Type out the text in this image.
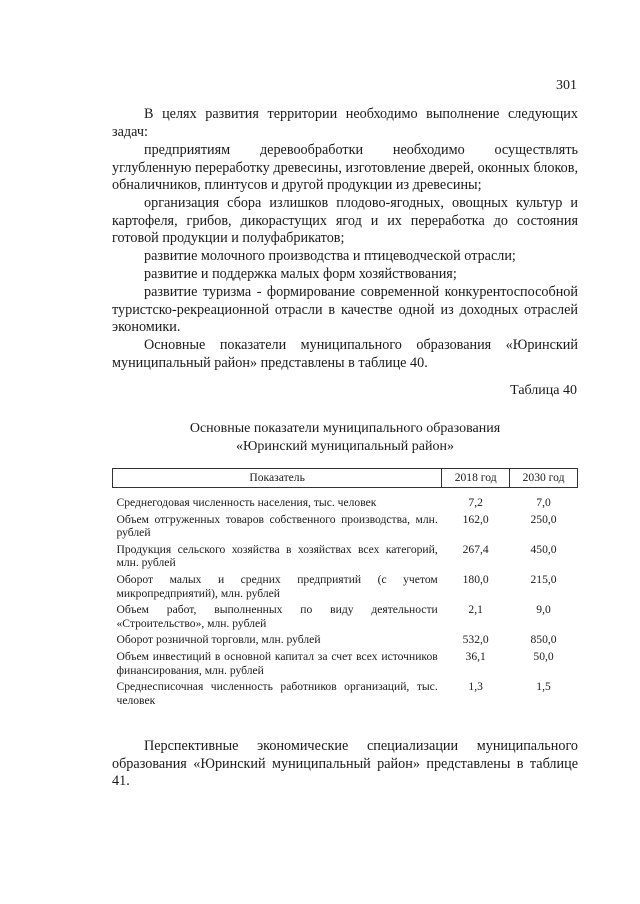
301
В целях развития территории необходимо выполнение следующих задач:
предприятиям деревообработки необходимо осуществлять углубленную переработку древесины, изготовление дверей, оконных блоков, обналичников, плинтусов и другой продукции из древесины;
организация сбора излишков плодово-ягодных, овощных культур и картофеля, грибов, дикорастущих ягод и их переработка до состояния готовой продукции и полуфабрикатов;
развитие молочного производства и птицеводческой отрасли;
развитие и поддержка малых форм хозяйствования;
развитие туризма - формирование современной конкурентоспособной туристско-рекреационной отрасли в качестве одной из доходных отраслей экономики.
Основные показатели муниципального образования «Юринский муниципальный район» представлены в таблице 40.
Таблица 40
Основные показатели муниципального образования
«Юринский муниципальный район»
Показатель	2018 год	2030 год

Среднегодовая численность населения, тыс. человек	7,2	7,0
Объем отгруженных товаров собственного производства, млн. рублей	162,0	250,0
Продукция сельского хозяйства в хозяйствах всех категорий, млн. рублей	267,4	450,0
Оборот малых и средних предприятий (с учетом микропредприятий), млн. рублей	180,0	215,0
Объем работ, выполненных по виду деятельности «Строительство», млн. рублей	2,1	9,0
Оборот розничной торговли, млн. рублей	532,0	850,0
Объем инвестиций в основной капитал за счет всех источников финансирования, млн. рублей	36,1	50,0
Среднесписочная численность работников организаций, тыс. человек	1,3	1,5
Перспективные экономические специализации муниципального образования «Юринский муниципальный район» представлены в таблице 41.
